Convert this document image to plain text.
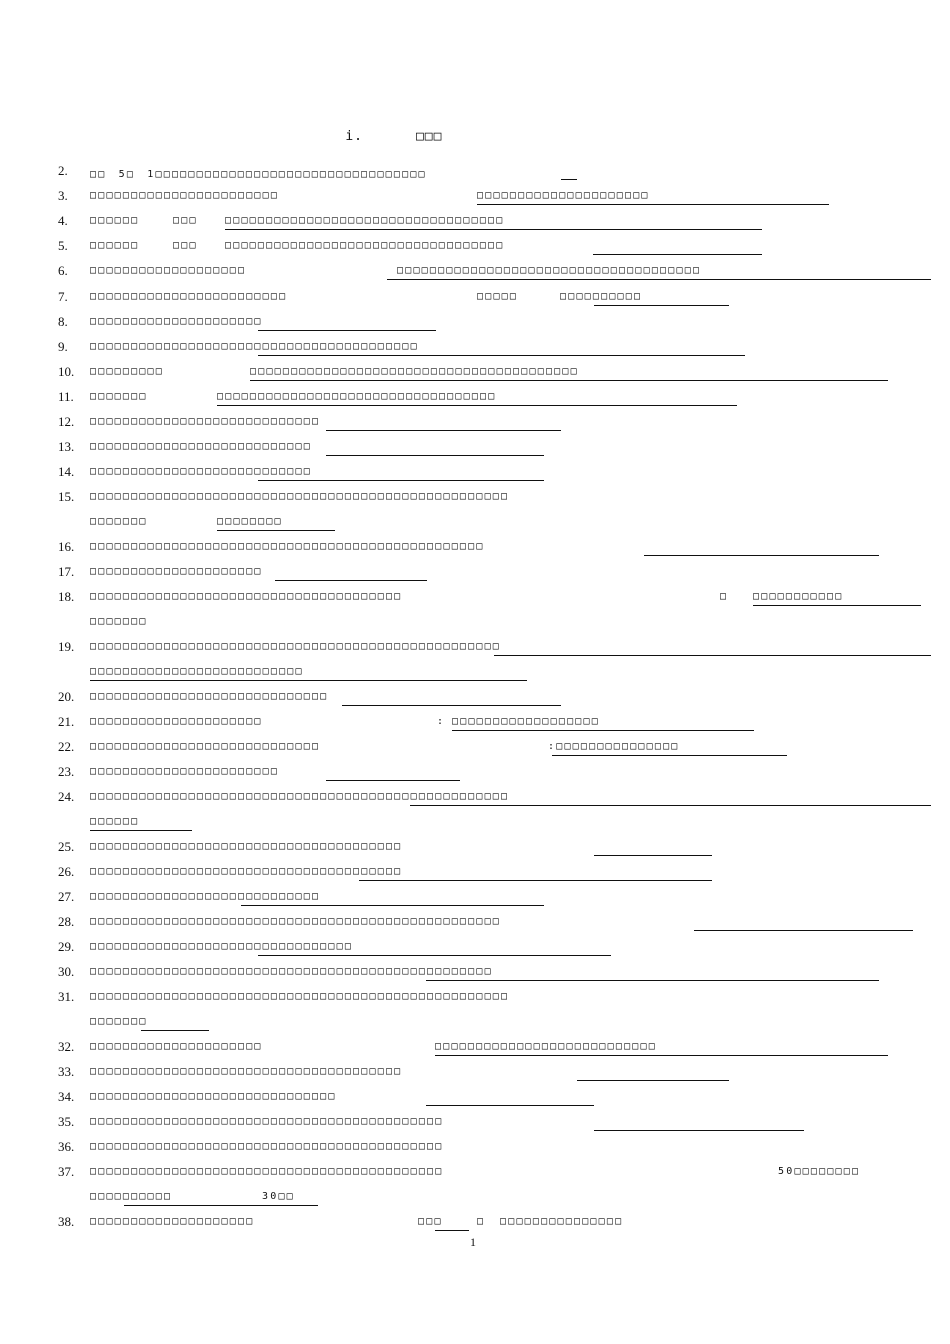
i.	□□□

2. □□　5□　1□□□□□□□□□□□□□□□□□□□□□□□□□□□□□□□□□
3. □□□□□□□□□□□□□□□□□□□□□□□	□□□□□□□□□□□□□□□□□□□□□
4. □□□□□□	□□□	□□□□□□□□□□□□□□□□□□□□□□□□□□□□□□□□□□
5. □□□□□□	□□□	□□□□□□□□□□□□□□□□□□□□□□□□□□□□□□□□□□
6. □□□□□□□□□□□□□□□□□□□	□□□□□□□□□□□□□□□□□□□□□□□□□□□□□□□□□□□□□
7. □□□□□□□□□□□□□□□□□□□□□□□□	□□□□□	□□□□□□□□□□
8. □□□□□□□□□□□□□□□□□□□□□
9. □□□□□□□□□□□□□□□□□□□□□□□□□□□□□□□□□□□□□□□□
10. □□□□□□□□□	□□□□□□□□□□□□□□□□□□□□□□□□□□□□□□□□□□□□□□□□
11. □□□□□□□	□□□□□□□□□□□□□□□□□□□□□□□□□□□□□□□□□□
12. □□□□□□□□□□□□□□□□□□□□□□□□□□□□
13. □□□□□□□□□□□□□□□□□□□□□□□□□□□
14. □□□□□□□□□□□□□□□□□□□□□□□□□□□
15. □□□□□□□□□□□□□□□□□□□□□□□□□□□□□□□□□□□□□□□□□□□□□□□□□□□
□□□□□□□	□□□□□□□□
16. □□□□□□□□□□□□□□□□□□□□□□□□□□□□□□□□□□□□□□□□□□□□□□□□
17. □□□□□□□□□□□□□□□□□□□□□
18. □□□□□□□□□□□□□□□□□□□□□□□□□□□□□□□□□□□□□□	□ □□□□□□□□□□□
□□□□□□□
19. □□□□□□□□□□□□□□□□□□□□□□□□□□□□□□□□□□□□□□□□□□□□□□□□□□
□□□□□□□□□□□□□□□□□□□□□□□□□□
20. □□□□□□□□□□□□□□□□□□□□□□□□□□□□□
21. □□□□□□□□□□□□□□□□□□□□□	: □□□□□□□□□□□□□□□□□□
22. □□□□□□□□□□□□□□□□□□□□□□□□□□□□	:□□□□□□□□□□□□□□□
23. □□□□□□□□□□□□□□□□□□□□□□□
24. □□□□□□□□□□□□□□□□□□□□□□□□□□□□□□□□□□□□□□□□□□□□□□□□□□□
□□□□□□
25. □□□□□□□□□□□□□□□□□□□□□□□□□□□□□□□□□□□□□□
26. □□□□□□□□□□□□□□□□□□□□□□□□□□□□□□□□□□□□□□
27. □□□□□□□□□□□□□□□□□□□□□□□□□□□□
28. □□□□□□□□□□□□□□□□□□□□□□□□□□□□□□□□□□□□□□□□□□□□□□□□□□
29. □□□□□□□□□□□□□□□□□□□□□□□□□□□□□□□□
30. □□□□□□□□□□□□□□□□□□□□□□□□□□□□□□□□□□□□□□□□□□□□□□□□□
31. □□□□□□□□□□□□□□□□□□□□□□□□□□□□□□□□□□□□□□□□□□□□□□□□□□□
□□□□□□□
32. □□□□□□□□□□□□□□□□□□□□□	□□□□□□□□□□□□□□□□□□□□□□□□□□□
33. □□□□□□□□□□□□□□□□□□□□□□□□□□□□□□□□□□□□□□
34. □□□□□□□□□□□□□□□□□□□□□□□□□□□□□□
35. □□□□□□□□□□□□□□□□□□□□□□□□□□□□□□□□□□□□□□□□□□□
36. □□□□□□□□□□□□□□□□□□□□□□□□□□□□□□□□□□□□□□□□□□□
37. □□□□□□□□□□□□□□□□□□□□□□□□□□□□□□□□□□□□□□□□□□□	50□□□□□□□□
□□□□□□□□□□	30□□
38. □□□□□□□□□□□□□□□□□□□□	□□□	□ □□□□□□□□□□□□□□□
1
